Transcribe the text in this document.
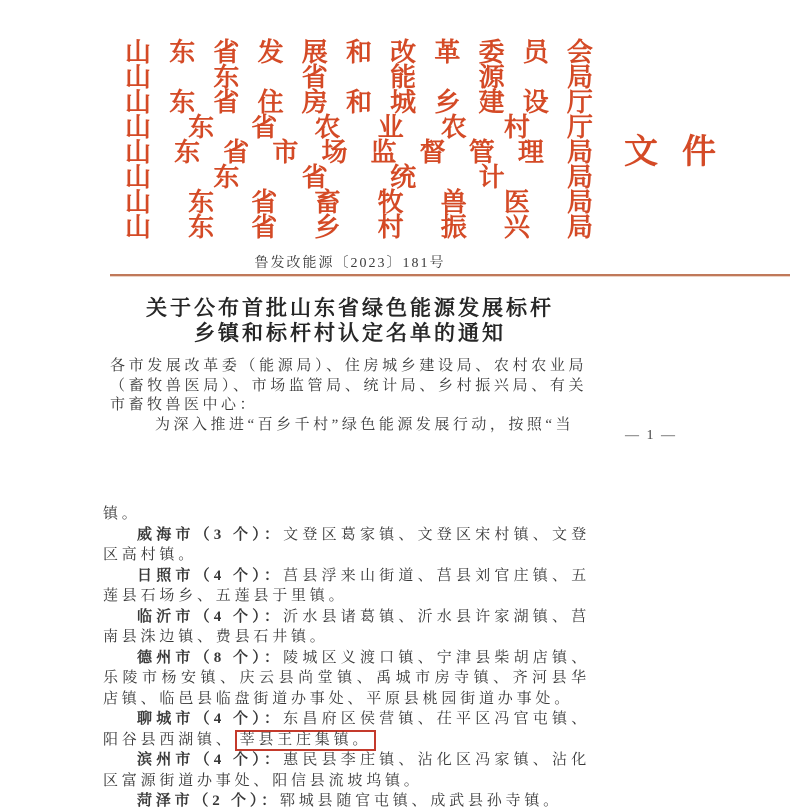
山 东 省 发 展 和 改 革 委 员 会
山 东 省 能 源 局
山 东 省 住 房 和 城 乡 建 设 厅
山 东 省 农 业 农 村 厅
山 东 省 市 场 监 督 管 理 局
山 东 省 统 计 局
山 东 省 畜 牧 兽 医 局
山 东 省 乡 村 振 兴 局
文 件
鲁发改能源〔2023〕181号
关于公布首批山东省绿色能源发展标杆
乡镇和标杆村认定名单的通知

各市发展改革委（能源局）、住房城乡建设局、农村农业局（畜牧兽医局）、市场监管局、统计局、乡村振兴局、有关市畜牧兽医中心：

为深入推进“百乡千村”绿色能源发展行动，按照“当

— 1 —

镇。

威海市（3 个）：文登区葛家镇、文登区宋村镇、文登区高村镇。

日照市（4 个）：莒县浮来山街道、莒县刘官庄镇、五莲县石场乡、五莲县于里镇。

临沂市（4 个）：沂水县诸葛镇、沂水县许家湖镇、莒南县洙边镇、费县石井镇。

德州市（8 个）：陵城区义渡口镇、宁津县柴胡店镇、乐陵市杨安镇、庆云县尚堂镇、禹城市房寺镇、齐河县华店镇、临邑县临盘街道办事处、平原县桃园街道办事处。

聊城市（4 个）：东昌府区侯营镇、茌平区冯官屯镇、阳谷县西湖镇、 莘县王庄集镇。

滨州市（4 个）：惠民县李庄镇、沾化区冯家镇、沾化区富源街道办事处、阳信县流坡坞镇。

菏泽市（2 个）：郓城县随官屯镇、成武县孙寺镇。
